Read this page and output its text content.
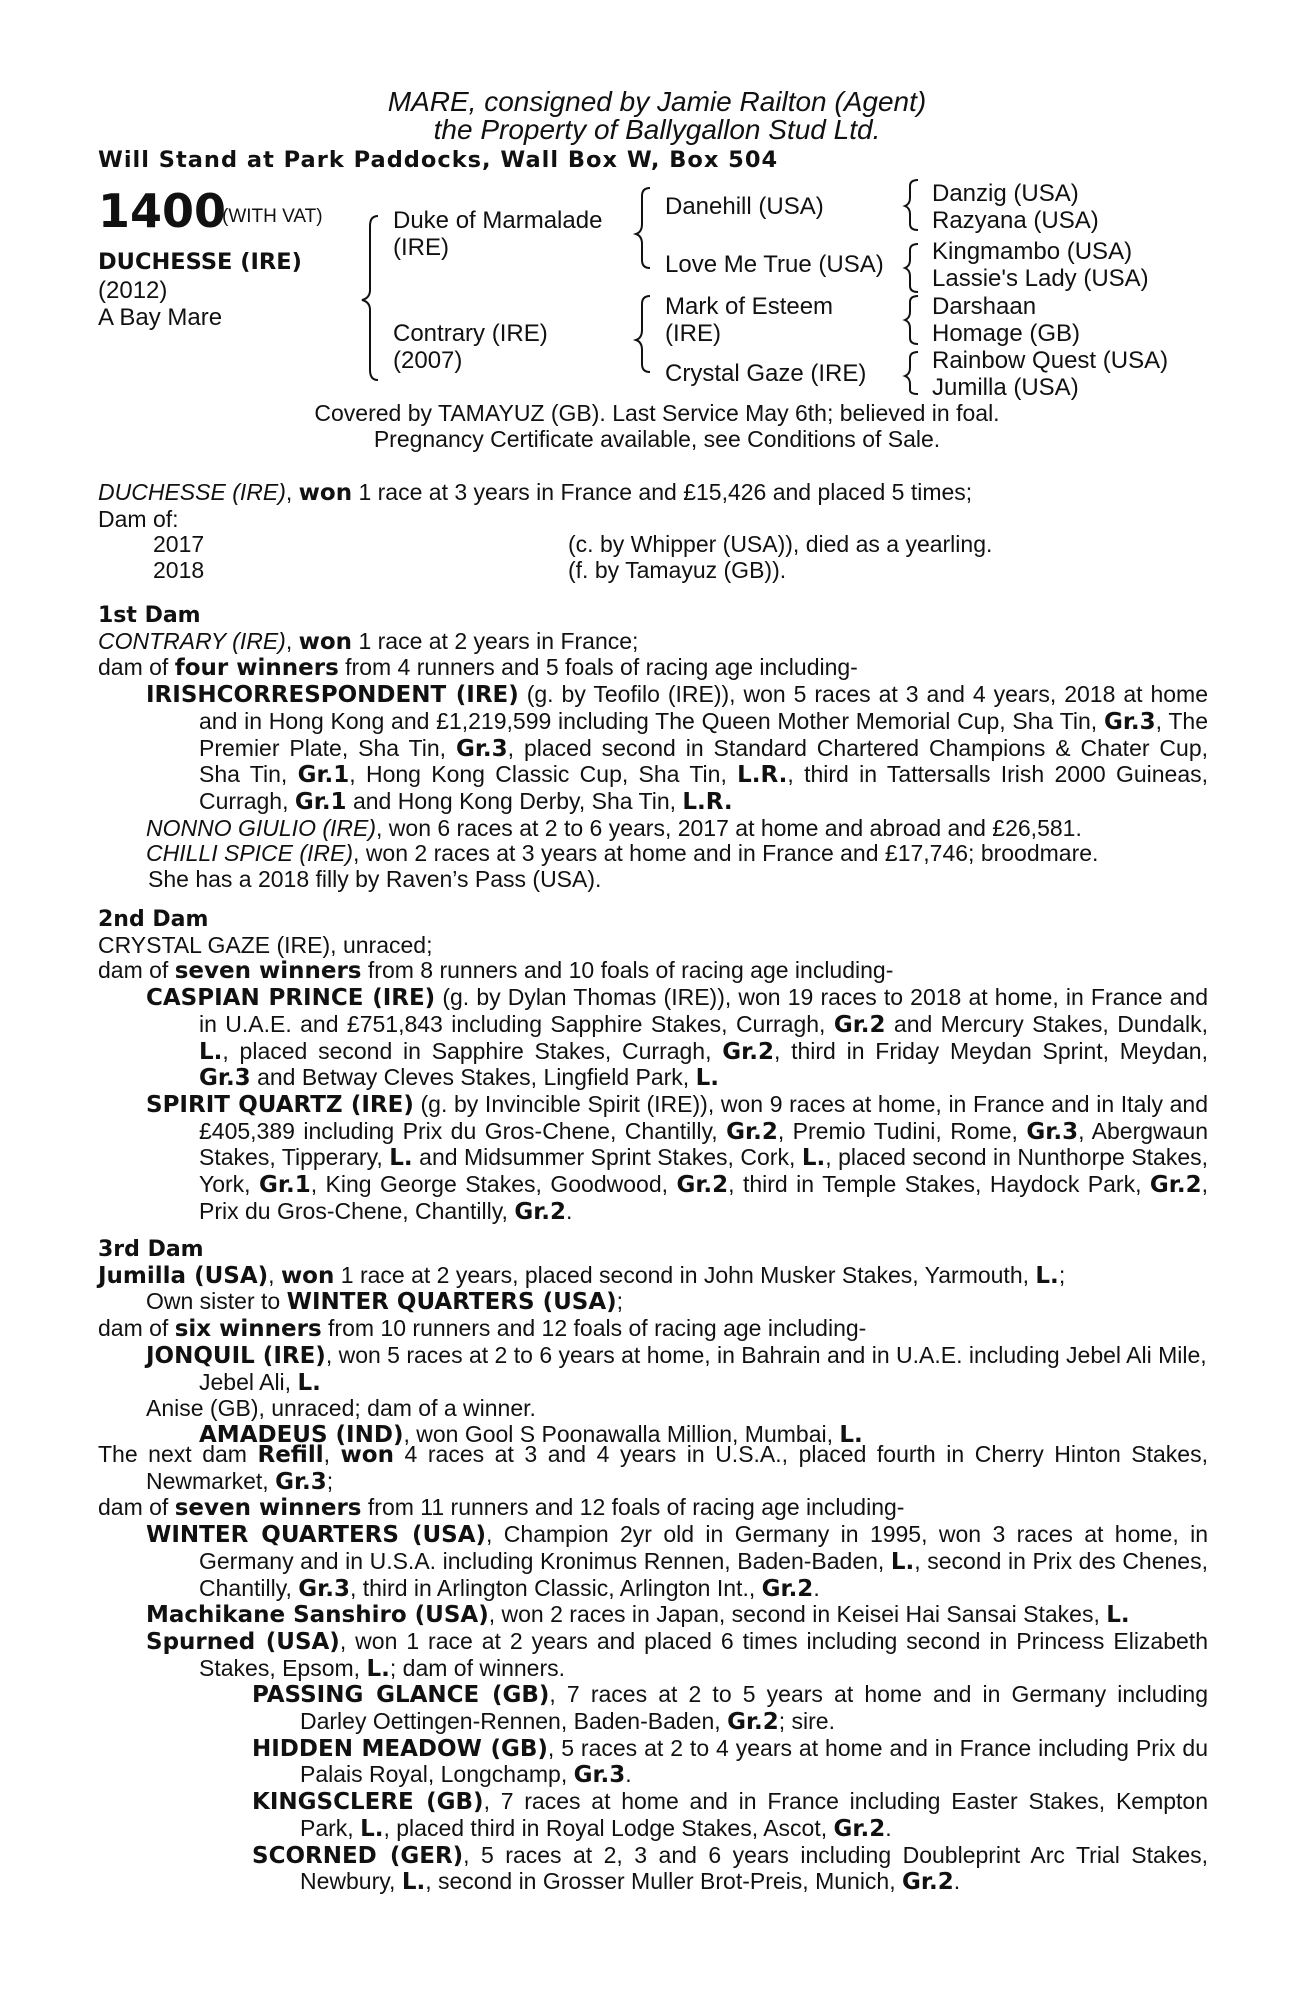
MARE, consigned by Jamie Railton (Agent)
the Property of Ballygallon Stud Ltd.
Will Stand at Park Paddocks, Wall Box W, Box 504
1400
(WITH VAT)
DUCHESSE (IRE)
(2012)
A Bay Mare
Duke of Marmalade
(IRE)
Contrary (IRE)
(2007)
Danehill (USA)
Love Me True (USA)
Mark of Esteem
(IRE)
Crystal Gaze (IRE)
Danzig (USA)
Razyana (USA)
Kingmambo (USA)
Lassie's Lady (USA)
Darshaan
Homage (GB)
Rainbow Quest (USA)
Jumilla (USA)
Covered by TAMAYUZ (GB). Last Service May 6th; believed in foal.
Pregnancy Certificate available, see Conditions of Sale.

DUCHESSE (IRE), won 1 race at 3 years in France and £15,426 and placed 5 times;

Dam of:

2017	(c. by Whipper (USA)), died as a yearling.
2018	(f. by Tamayuz (GB)).

1st Dam

CONTRARY (IRE), won 1 race at 2 years in France;

dam of four winners from 4 runners and 5 foals of racing age including-

IRISHCORRESPONDENT (IRE) (g. by Teofilo (IRE)), won 5 races at 3 and 4 years, 2018 at home and in Hong Kong and £1,219,599 including The Queen Mother Memorial Cup, Sha Tin, Gr.3, The Premier Plate, Sha Tin, Gr.3, placed second in Standard Chartered Champions & Chater Cup, Sha Tin, Gr.1, Hong Kong Classic Cup, Sha Tin, L.R., third in Tattersalls Irish 2000 Guineas, Curragh, Gr.1 and Hong Kong Derby, Sha Tin, L.R.

NONNO GIULIO (IRE), won 6 races at 2 to 6 years, 2017 at home and abroad and £26,581.

CHILLI SPICE (IRE), won 2 races at 3 years at home and in France and £17,746; broodmare.

She has a 2018 filly by Raven’s Pass (USA).

2nd Dam

CRYSTAL GAZE (IRE), unraced;

dam of seven winners from 8 runners and 10 foals of racing age including-

CASPIAN PRINCE (IRE) (g. by Dylan Thomas (IRE)), won 19 races to 2018 at home, in France and in U.A.E. and £751,843 including Sapphire Stakes, Curragh, Gr.2 and Mercury Stakes, Dundalk, L., placed second in Sapphire Stakes, Curragh, Gr.2, third in Friday Meydan Sprint, Meydan, Gr.3 and Betway Cleves Stakes, Lingfield Park, L.

SPIRIT QUARTZ (IRE) (g. by Invincible Spirit (IRE)), won 9 races at home, in France and in Italy and £405,389 including Prix du Gros-Chene, Chantilly, Gr.2, Premio Tudini, Rome, Gr.3, Abergwaun Stakes, Tipperary, L. and Midsummer Sprint Stakes, Cork, L., placed second in Nunthorpe Stakes, York, Gr.1, King George Stakes, Goodwood, Gr.2, third in Temple Stakes, Haydock Park, Gr.2, Prix du Gros-Chene, Chantilly, Gr.2.

3rd Dam

Jumilla (USA), won 1 race at 2 years, placed second in John Musker Stakes, Yarmouth, L.;

Own sister to WINTER QUARTERS (USA);

dam of six winners from 10 runners and 12 foals of racing age including-

JONQUIL (IRE), won 5 races at 2 to 6 years at home, in Bahrain and in U.A.E. including Jebel Ali Mile, Jebel Ali, L.

Anise (GB), unraced; dam of a winner.

AMADEUS (IND), won Gool S Poonawalla Million, Mumbai, L.

The next dam Refill, won 4 races at 3 and 4 years in U.S.A., placed fourth in Cherry Hinton Stakes, Newmarket, Gr.3;

dam of seven winners from 11 runners and 12 foals of racing age including-

WINTER QUARTERS (USA), Champion 2yr old in Germany in 1995, won 3 races at home, in Germany and in U.S.A. including Kronimus Rennen, Baden-Baden, L., second in Prix des Chenes, Chantilly, Gr.3, third in Arlington Classic, Arlington Int., Gr.2.

Machikane Sanshiro (USA), won 2 races in Japan, second in Keisei Hai Sansai Stakes, L.

Spurned (USA), won 1 race at 2 years and placed 6 times including second in Princess Elizabeth Stakes, Epsom, L.; dam of winners.

PASSING GLANCE (GB), 7 races at 2 to 5 years at home and in Germany including Darley Oettingen-Rennen, Baden-Baden, Gr.2; sire.

HIDDEN MEADOW (GB), 5 races at 2 to 4 years at home and in France including Prix du Palais Royal, Longchamp, Gr.3.

KINGSCLERE (GB), 7 races at home and in France including Easter Stakes, Kempton Park, L., placed third in Royal Lodge Stakes, Ascot, Gr.2.

SCORNED (GER), 5 races at 2, 3 and 6 years including Doubleprint Arc Trial Stakes, Newbury, L., second in Grosser Muller Brot-Preis, Munich, Gr.2.
